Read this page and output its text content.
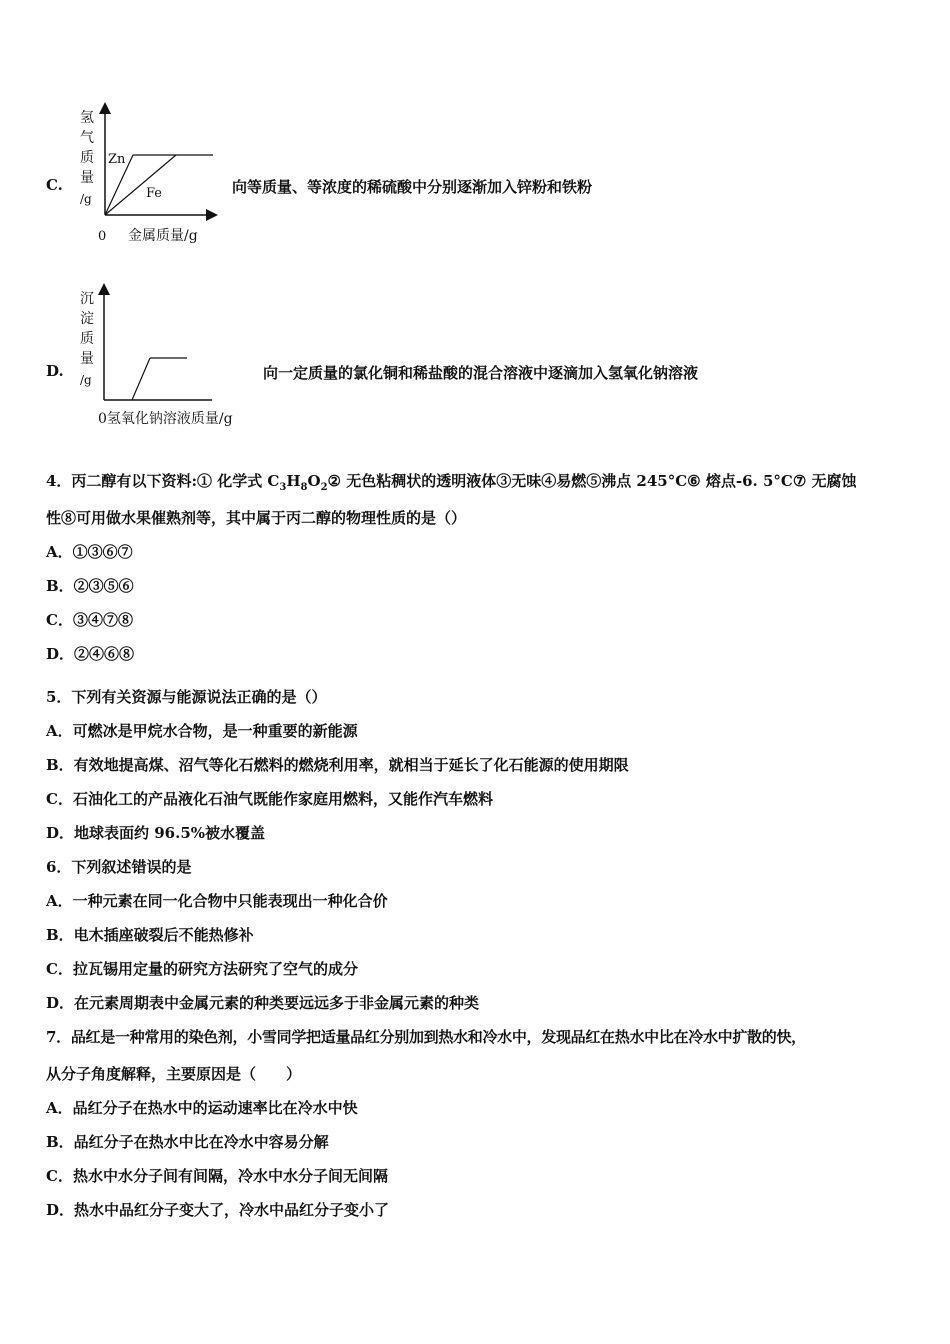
C.
氢
气
质
量
/g
Zn
Fe
0 金属质量/g
向等质量、等浓度的稀硫酸中分别逐渐加入锌粉和铁粉
D.
沉
淀
质
量
/g
0氢氧化钠溶液质量/g
向一定质量的氯化铜和稀盐酸的混合溶液中逐滴加入氢氧化钠溶液
4．丙二醇有以下资料:① 化学式 $C_3H_8O_2②$ 无色粘稠状的透明液体③无味④易燃⑤沸点 245°C⑥ 熔点-6. 5°C⑦ 无腐蚀
性⑧可用做水果催熟剂等，其中属于丙二醇的物理性质的是（）
A．①③⑥⑦
B．②③⑤⑥
C．③④⑦⑧
D．②④⑥⑧
5．下列有关资源与能源说法正确的是（）
A．可燃冰是甲烷水合物，是一种重要的新能源
B．有效地提高煤、沼气等化石燃料的燃烧利用率，就相当于延长了化石能源的使用期限
C．石油化工的产品液化石油气既能作家庭用燃料，又能作汽车燃料
D．地球表面约 96.5%被水覆盖
6．下列叙述错误的是
A．一种元素在同一化合物中只能表现出一种化合价
B．电木插座破裂后不能热修补
C．拉瓦锡用定量的研究方法研究了空气的成分
D．在元素周期表中金属元素的种类要远远多于非金属元素的种类
7．品红是一种常用的染色剂，小雪同学把适量品红分别加到热水和冷水中，发现品红在热水中比在冷水中扩散的快，
从分子角度解释，主要原因是（　　）
A．品红分子在热水中的运动速率比在冷水中快
B．品红分子在热水中比在冷水中容易分解
C．热水中水分子间有间隔，冷水中水分子间无间隔
D．热水中品红分子变大了，冷水中品红分子变小了
